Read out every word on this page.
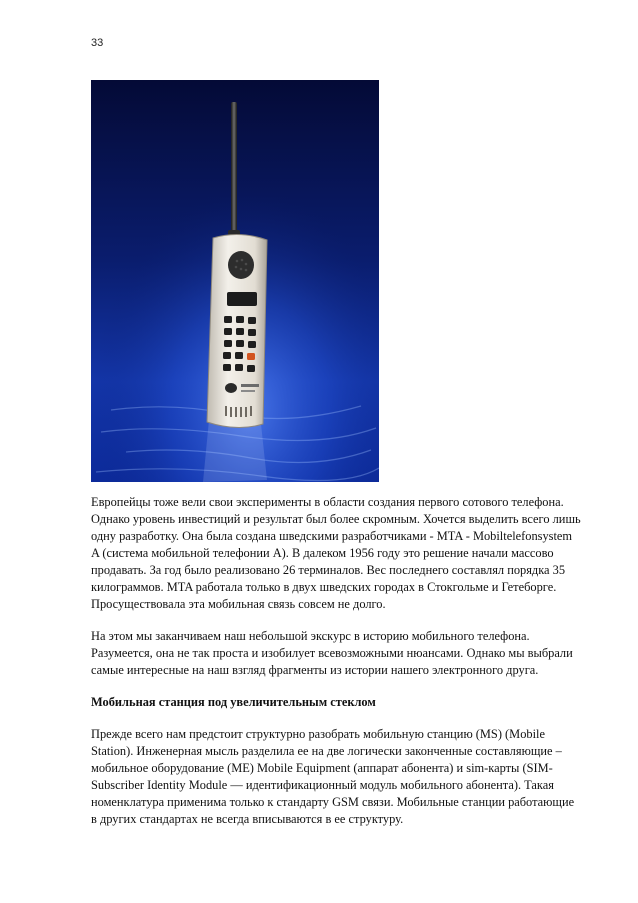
33

Европейцы тоже вели свои эксперименты в области создания первого сотового телефона. Однако уровень инвестиций и результат был более скромным. Хочется выделить всего лишь одну разработку. Она была создана шведскими разработчиками - MTA - Mobiltelefonsystem A (система мобильной телефонии A). В далеком 1956 году это решение начали массово продавать. За год было реализовано 26 терминалов. Вес последнего составлял порядка 35 килограммов. MTA работала только в двух шведских городах в Стокгольме и Гетеборге. Просуществовала эта мобильная связь совсем не долго.

На этом мы заканчиваем наш небольшой экскурс в историю мобильного телефона. Разумеется, она не так проста и изобилует всевозможными нюансами. Однако мы выбрали самые интересные на наш взгляд фрагменты из истории нашего электронного друга.

Мобильная станция под увеличительным стеклом

Прежде всего нам предстоит структурно разобрать мобильную станцию (MS) (Mobile Station). Инженерная мысль разделила ее на две логически законченные составляющие – мобильное оборудование (ME) Mobile Equipment (аппарат абонента) и sim-карты (SIM-Subscriber Identity Module — идентификационный модуль мобильного абонента). Такая номенклатура применима только к стандарту GSM связи. Мобильные станции работающие в других стандартах не всегда вписываются в ее структуру.
